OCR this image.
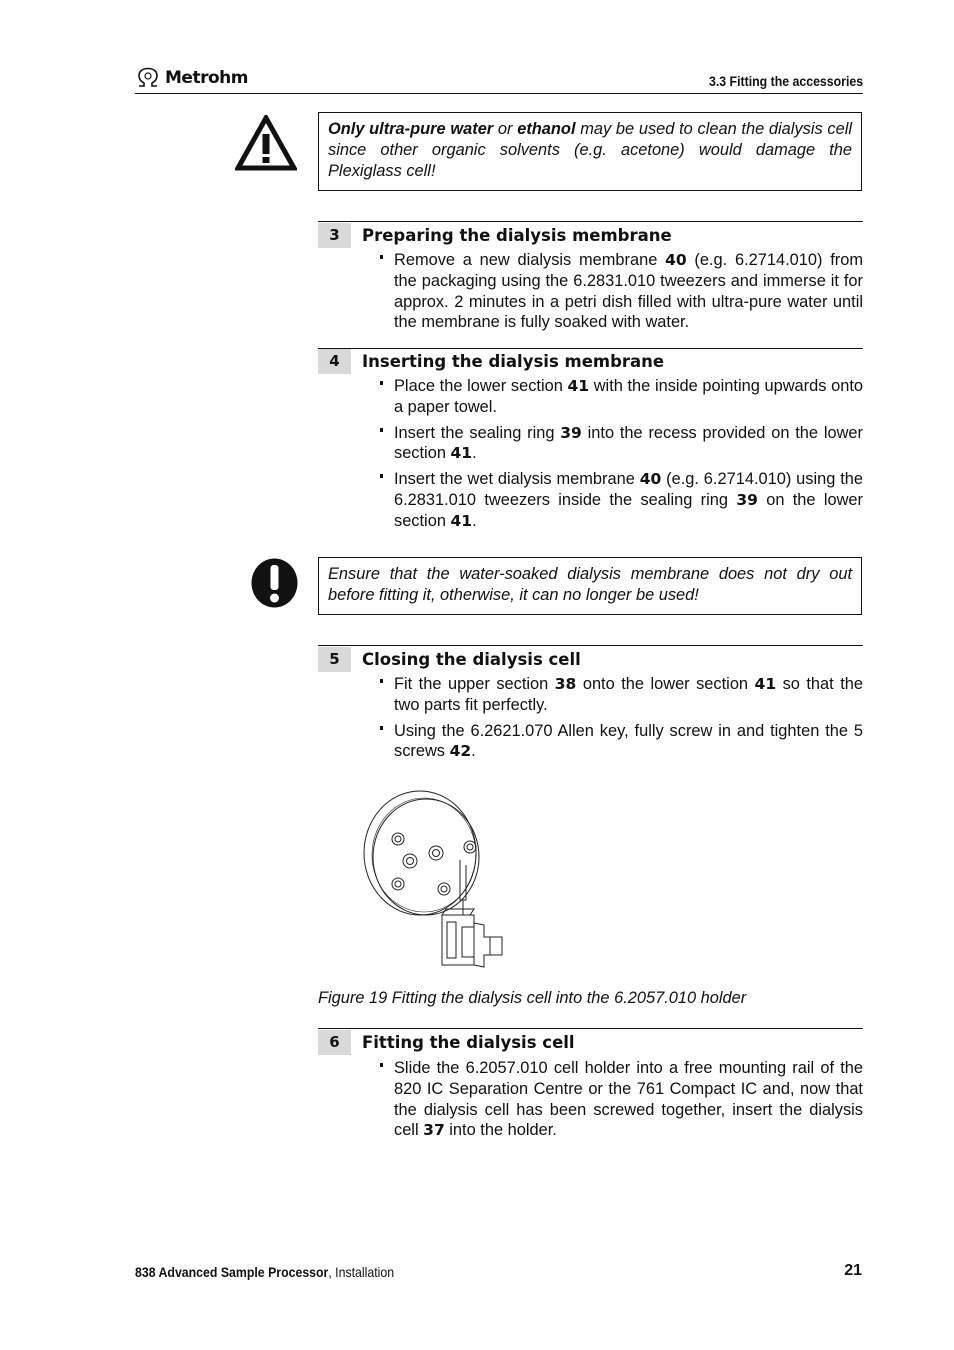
Metrohm	3.3 Fitting the accessories
Only ultra-pure water or ethanol may be used to clean the dialysis cell since other organic solvents (e.g. acetone) would damage the Plexiglass cell!
3	Preparing the dialysis membrane
Remove a new dialysis membrane 40 (e.g. 6.2714.010) from the packaging using the 6.2831.010 tweezers and immerse it for approx. 2 minutes in a petri dish filled with ultra-pure water until the membrane is fully soaked with water.
4	Inserting the dialysis membrane
Place the lower section 41 with the inside pointing upwards onto a paper towel.
Insert the sealing ring 39 into the recess provided on the lower section 41.
Insert the wet dialysis membrane 40 (e.g. 6.2714.010) using the 6.2831.010 tweezers inside the sealing ring 39 on the lower section 41.
Ensure that the water-soaked dialysis membrane does not dry out before fitting it, otherwise, it can no longer be used!
5	Closing the dialysis cell
Fit the upper section 38 onto the lower section 41 so that the two parts fit perfectly.
Using the 6.2621.070 Allen key, fully screw in and tighten the 5 screws 42.
Figure 19 Fitting the dialysis cell into the 6.2057.010 holder
6	Fitting the dialysis cell
Slide the 6.2057.010 cell holder into a free mounting rail of the 820 IC Separation Centre or the 761 Compact IC and, now that the dialysis cell has been screwed together, insert the dialysis cell 37 into the holder.
838 Advanced Sample Processor, Installation	21
